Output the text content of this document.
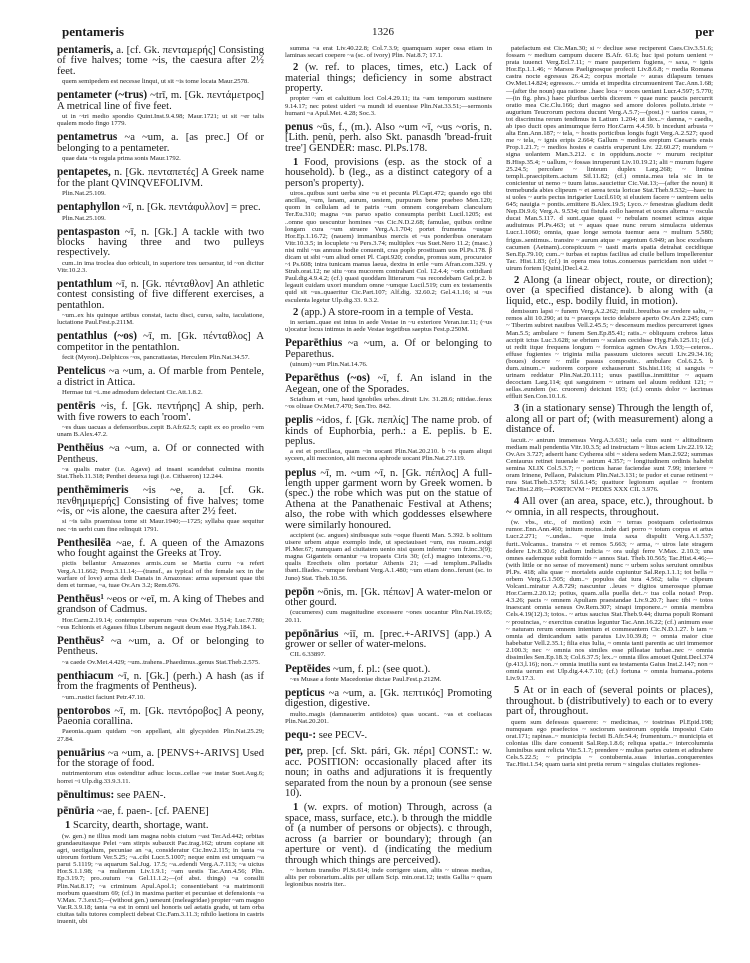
pentameris	1326	per
pentameris, a. [cf. Gk. πενταμερής] Consisting of five halves; tome ~is, the caesura after 2½ feet.
quem semipedem est necesse linqui, ut sit ~is tome locata Maur.2578.
pentameter (~trus) ~trī, m. [Gk. πεντάμετρος] A metrical line of five feet.
ut in ~tri medio spondio Quint.Inst.9.4.98; Maur.1721; ut sit ~er talis qualem modo fingo 1779.
pentametrus ~a ~um, a. [as prec.] Of or belonging to a pentameter.
quae data ~is regula prima sonis Maur.1792.
pentapetes, n. [Gk. πενταπετές] A Greek name for the plant QVINQVEFOLIVM.
Plin.Nat.25.109.
pentaphyllon ~ī, n. [Gk. πεντάφυλλον] = prec.
Plin.Nat.25.109.
pentaspaston ~ī, n. [Gk.] A tackle with two blocks having three and two pulleys respectively.
cum..in ima troclea duo orbiculi, in superiore tres uersantur, id ~on dicitur Vitr.10.2.3.
pentathlum ~ī, n. [Gk. πένταθλον] An athletic contest consisting of five different exercises, a pentathlon.
~um..ex his quinque artibus constat, iactu disci, cursu, saltu, iaculatione, luctatione Paul.Fest.p.211M.
pentathlus (~os) ~ī, m. [Gk. πένταθλος] A competitor in the pentathlon.
fecit (Myron)..Delphicos ~os, pancratiastas, Herculem Plin.Nat.34.57.
Pentelicus ~a ~um, a. Of marble from Pentele, a district in Attica.
Hermae tui ~i..me admodum delectant Cic.Att.1.8.2.
pentēris ~is, f. [Gk. πεντήρης] A ship, perh. with five rowers to each 'room'.
~es duas uacuas a defensoribus..cepit B.Afr.62.5; capit ex eo proelio ~em unam B.Alex.47.2.
Penthēius ~a ~um, a. Of or connected with Pentheus.
~a qualis mater (i.e. Agave) ad insani scandebat culmina montis Stat.Theb.11.318; Penthei deuexa iugi (i.e. Cithaeron) 12.244.
penthēmimeris ~is ~e, a. [cf. Gk. πενθημιμερής] Consisting of five halves; tome ~is, or ~is alone, the caesura after 2½ feet.
si ~is talis praemissa tome sit Maur.1940;—1725; syllaba quae sequitur nec ~in uerbi cum fine relinquit 1791.
Penthesilēa ~ae, f. A queen of the Amazons who fought against the Greeks at Troy.
pictis bellantur Amazones armis..cum se Martia curru ~a refert Verg.A.11.662; Prop.3.11.14;—(transf., as typical of the female sex in the warfare of love) arma dedi Danais in Amazonas: arma supersunt quae tibi dem et turmae, ~a, tuae Ov.Ars 3.2; Rem.676.
Penthēus¹ ~eos or ~eī, m. A king of Thebes and grandson of Cadmus.
Hor.Carm.2.19.14; contemptor superum ~eus Ov.Met. 3.514; Luc.7.780; ~eus Echionis et Agaues filius Liberum negauit deum esse Hyg.Fab.184.1.
Penthēus² ~a ~um, a. Of or belonging to Pentheus.
~a caede Ov.Met.4.429; ~um..trahens..Phaedimus..genus Stat.Theb.2.575.
penthiacum ~ī, n. [Gk.] (perh.) A hash (as if from the fragments of Pentheus).
~um..rustici faciunt Petr.47.10.
pentorobos ~ī, m. [Gk. πεντόροβος] A peony, Paeonia corallina.
Paeonia..quam quidam ~on appellant, alii glycysiden Plin.Nat.25.29; 27.84.
penuārius ~a ~um, a. [PENVS+-ARIVS] Used for the storage of food.
nutrimentorum eius ostenditur adhuc locus..cellae ~ae instar Suet.Aug.6; horrei ~i Ulp.dig.33.9.3.11.
pēnultimus: see PAEN-.
pēnūria ~ae, f. paen-. [cf. PAENE]
1 Scarcity, dearth, shortage, want.
(w. gen.) ne illius modi iam magna nobis ciuium ~ast Ter.Ad.442; orbitas grandaeuitasque Pelei ~am stirpis subauxit Pac.trag.162; utrum copiane sit agri, uectigalium, pecuniae an ~a, consideratur Cic.Inv.2.115; in tanta ~a uirorum fortium Ver.5.25; ~a..cibi Lucr.5.1007; neque enim est umquam ~a parui 5.1119; ~a aquarum Sal.Jug. 17.5; ~a..edendi Verg.A.7.113; ~a uictus Hor.S.1.1.98; ~a mulierum Liv.1.9.1; ~am uestis Tac.Ann.4.56; Plin. Ep.3.19.7; pro..ouium ~a Gel.11.1.2;—(of abst. things) ~a consilii Plin.Nat.8.17; ~a criminum Apul.Apol.1; consentiebant ~a matrimonii morbum quaesitum 69; (cf.) in maxima pariter et pecuniae et defensionis ~a V.Max. 7.3.ext.5;—(without gen.) ueneunt (meleagridae) propter ~am magno Var.R.3.9.18; tanta ~a est in omni uel honoris uel aetatis gradu, ut tam orba ciuitas talis tutores complecti debeat Cic.Fam.3.11.3; nihilo laetiora in castris inuenit, ubi
summa ~a erat Liv.40.22.8; Col.7.3.9; quamquam super ossa etiam in laminas secari coepere ~a (sc. of ivory) Plin. Nat.8.7; 17.1.
2 (w. ref. to places, times, etc.) Lack of material things; deficiency in some abstract property.
propter ~am et caluitium loci Col.4.29.11; ita ~am temporum sustinere 9.14.17; nec potest uideri ~a mundi id euenisse Plin.Nat.33.51;—sermonis humani ~a Apul.Met. 4.28; Soc.3.
penus ~ūs, f., (m.). Also ~um ~ī, ~us ~oris, n. [Lith. penù, perh. also Skt. panasdh 'bread-fruit tree'] GENDER: masc. Pl.Ps.178.
1 Food, provisions (esp. as the stock of a household). b (leg., as a distinct category of a person's property).
uiros..quibus sunt uerba sine ~u et pecunia Pl.Capt.472; quando ego tibi ancillas, ~um, lanam, aurum, uestem, purpuram bene praebeo Men.120; quom in cellulam ad te patris ~um omnem congerebam clanculum Ter.Eu.310; magna ~us paruo spatio consumpta peribit Lucil.1205; est ..omne quo uescuntur homines ~us Cic.N.D.2.68; famulae, quibus ordine longam cura ~um struere Verg.A.1.704; portet frumenta ~usque Hor.Ep.1.16.72; (nauem) immanibus mercis et ~us ponderibus oneratam Vitr.10.3.5; in locuplete ~u Pers.3.74; multiplex ~us Suet.Nero 11.2; (masc.) nisi mihi ~us annuus hodie conuenit, cras poplo prostituam uos Pl.Ps.178. β dicam ut sibi ~um aliud ornet Pl. Capt.920; condus, promus sum, procurator ~i Ps.608; intra tunicam manus laeua, dextra in erile ~um Afran.com.329. γ Strab.orat.12; ne situ ~ora mucorem contrahant Col. 12.4.4; ~oris cottidiani Paul.dig.4.9.4.2; (cf.) quasi quoddam litterarum ~us recondebam Gel.pr.2. b legauit cuidam uxori mundum omne ~umque Lucil.519; cum ex testamentis quid sit ~us..quaeritur Cic.Part.107; Alf.dig. 32.60.2; Gel.4.1.16; si ~us esculenta legetur Ulp.dig.33. 9.3.2.
2 (app.) A store-room in a temple of Vesta.
in seriam..quae est intus in aede Vestae in ~u exteriore Veran.iur.11; (~us u)ocatur locus intimus in aede Vestae tegetibus saeptus Fest.p.250M.
Peparēthius ~a ~um, a. Of or belonging to Peparethus.
(uinum) ~um Plin.Nat.14.76.
Peparēthus (~os) ~ī, f. An island in the Aegean, one of the Sporades.
Sciathum et ~um, haud ignobiles urbes..diruit Liv. 31.28.6; nitidae..ferax ~os oliuae Ov.Met.7.470; Sen.Tro. 842.
peplis ~idos, f. [Gk. πεπλίς] The name prob. of kinds of Euphorbia, perh.: a E. peplis. b E. peplus.
a est et porcillaca, quam ~in uocant Plin.Nat.20.210. b ~is quam aliqui syceen, alii meconion, alii mecona aphrode uocant Plin.Nat.27.119.
peplus ~ī, m. ~um ~ī, n. [Gk. πέπλος] A full-length upper garment worn by Greek women. b (spec.) the robe which was put on the statue of Athena at the Panathenaic Festival at Athens; also, the robe with which goddesses elsewhere were similarly honoured.
accipient (sc. angues) sinibusque suis ~oque fluenti Man. 5.392. b solitum uisere urbem atque exemplo inde, ut spectauisset ~um, rus rusum..exigi Pl.Mer.67; numquam ad ciuitatem uenio nisi quom infertur ~um fr.inc.3(9); magna Giganteis ornantur ~a tropaeis Ciris 30; (cf.) magno intexens..~o, qualis Erectheis olim portatur Athenis 21; —ad templum..Palladis ibant..Iliades..~umque ferebant Verg.A.1.480; ~um etiam dono..ferunt (sc. to Juno) Stat. Theb.10.56.
pepōn ~ōnis, m. [Gk. πέπων] A water-melon or other gourd.
(cucumeres) cum magnitudine excessere ~ones uocantur Plin.Nat.19.65; 20.11.
pepōnārius ~iī, m. [prec.+-ARIVS] (app.) A grower or seller of water-melons.
CIL 6.33897.
Peptēides ~um, f. pl.: (see quot.).
~es Musae a fonte Macedoniae dictae Paul.Fest.p.212M.
pepticus ~a ~um, a. [Gk. πεπτικός] Promoting digestion, digestive.
multo..magis (damnauerim antidotos) quas uocant.. ~as et coeliacas Plin.Nat.20.201.
pequ-: see PECV-.
per, prep. [cf. Skt. pári, Gk. πέρι] CONST.: w. acc. POSITION: occasionally placed after its noun; in oaths and adjurations it is frequently separated from the noun by a pronoun (see sense 10).
1 (w. exprs. of motion) Through, across (a space, mass, surface, etc.). b through the middle of (a number of persons or objects). c through, across (a barrier or boundary); through (an aperture or vent). d (indicating the medium through which things are perceived).
~ hortum transibo Pl.St.614; inde corrigere uiam, aliis ~ uineas medias, aliis per roborarium..aliis per uillam Scip. min.orat.12; testis Gallia ~ quam legionibus nostris iter..
patefactum est Cic.Man.30; si ~ decliue sese reciperent Caes.Civ.3.51.6; fossam ~ medium campum ducere B.Afr. 61.6; huc ipsi potum uenient ~ prata iuuenci Verg.Ecl.7.11; ~ mare pauperiem fugiens, ~ saxa, ~ ignis Hor.Ep.1.1.46; ~ Marsos Paelignosque profecti Liv.8.6.8; ~ media Romana castra nocte egressus 26.4.2; corpus mortale ~ auras dilapsum tenues Ov.Met.14.824; egressos..~ umida et impedita circumuenirent Tac.Ann.1.68;—(after the noun) qua ratione ..haec loca ~ uoces ueniant Lucr.4.597; 5.770;—(in fig. phrs.) haec pluribus uerbis dicerem ~ quae nunc paucis percurrit oratio mea Cic.Clu.166; duri magno sed amore dolores polluto..triste ~ augurium Teucrorum pectora ducunt Verg.A.5.7;—(post.) ~ uarios casus, ~ tot discrimina rerum tendimus in Latium 1.204; ut ilex..~ damna, ~ caedis, ab ipso ducit opes animumque ferro Hor.Carm 4.4.59. b incedunt arbusta ~ alta Enn.Ann.187; ~ tela, ~ hostis porticibus longis fugit Verg.A.2.527; quod me ~ tela, ~ ignis eripis 2.664; Gallum ~ medios ereptum Caesaris ensis Prop.1.21.7; ~ medios hostes e castris eruperunt Liv. 22.60.27; mundum ~ signa uolantem Man.3.212. c in oppidum..nocte ~ murum recipitur B.Hisp.35.4; ~ uallum, ~ fossas inruperunt Liv.10.19.21; alii ~ murum fugere 25.24.5; percolare ~ linteum duplex Larg.268; ~ limina templi..praecipitem..actum Sil.11.82; (cf.) omnia..mea tela sic in te conicientur ut nemo ~ tuum latus..sauciettur Cic.Vat.13;—(after the noun) it tremebunda abies clipeum ~ et aerea texta loricae Stat.Theb.9.532;—haec tu si uoles ~ auris pectus inrigarier Lucil.610; si eluuiem facere ~ uentrem uelis 645; nauigia ~ pontis..emittere B.Alex.19.5; Lyco..~ fenestras gladium dedit Nep.Di.9.6; Verg.A. 9.534; cui fistula collo haereat et uoces alterna ~ oscula ducat Man.5.117. d sunt..quae quasi ~ nebulam nosmet scimus atque audiuimus Pl.Ps.463; ut ~ aquas quae nunc rerum simulacra uidemus Lucr.1.1060; omnia, quae longe semota tuemur aera ~ multum 5.580; frigus..sentimus.. transire ~ aurum atque ~ argentum 6.949; an hoc excelsum cacumen (Aetnam)..conspicuum ~ uasti maris spatia detrahat ceciditque Sen.Ep.79.10; cum..~ turbas et raptus facilius ad ciuile bellum impellerentur Tac. Hist.1.83; (cf.) in opera mea totus..conuersus parricidam non uidet ~ uirum fortem [Quint.]Decl.4.2.
2 Along (a linear object, route, or direction); over (a specified distance). b along with (a liquid, etc., esp. bodily fluid, in motion).
demissum lapsi ~ funem Verg.A.2.262; multi..breuibus se credere saltu, ~ remos alii 10.290; at tu ~ praeceps tecto delabere aperto Ov.Ars 2.245; cum ~ Tiberim subiret nauibus Vell.2.45.5; ~ descensum medios percurreret ignes Man.5.5; ambulare ~ funem Sen.Ep.85.41; ratis..~ obliquum crebros latus accipit ictus Luc.3.628; se ebrium ~ scalam cecidisse Hyg.Fab.125.11; (cf.) ut redit itque frequens longum ~ formica agmen Ov.Ars 1.93;—ceteros.. effuse fugientes ~ triginta milia passuum uictores secuti Liv.29.34.16; (boues) docere ~ mille passus composite.. ambulare Col.6.2.5. b dum..uinum..~ sudorem corpore exhauserunt Sis.hist.116; si sanguis ~ urinam reddatur Plin.Nat.20.111; unus pastillus..inmittitur ~ aquam decoctam Larg.114; qui sanguinem ~ urinam uel aluum reddunt 121; ~ sellas..eundem (sc. cruorem) deiciunt 193; (cf.) omnis dolor ~ lacrimas effluit Sen.Con.10.1.6.
3 (in a stationary sense) Through the length of, along all or part of; (with measurement) along a distance of.
iacuit..~ antrum immensus Verg.A.3.631; uela cum sunt ~ altitudinem mediam mali pendentia Vitr.10.3.5; ad instructam ~ litus aciem Liv.22.19.12; Ov.Ars 3.727; adserit hanc Cytherea sibi ~ sidera sedem Man.2.922; summas Centaurus retinet iuuenale ~ astrum 4.357; ~ longitudinem ordinis habebit semina XLIX Col.5.3.7; ~ porticus harae faciendae sunt 7.99; interiere ~ oram Irinene, Pellaon, Palsicium Plin.Nat.3.131; te pudor et curae retinent ~ rura Stat.Theb.3.573; Sil.6.145; quattuor legionum aquilae ~ frontem Tac.Hist.2.89;—PORTICVM ~ PEDES XXX CIL 3.976.
4 All over (an area, space, etc.), throughout. b ~ omnia, in all respects, throughout.
(w. vbs., etc., of motion) exin ~ terras postquam celerissimus rumor..Enn.Ann.460; initum motus..inde dari porro ~ totum corpus et artus Lucr.2.271; ~..undas.. ~que inuia saxa dispulit Verg.A.1.537; furit..Volcanus.. transtra ~ et remos 5.663; ~ arma, ~ uiros late stragem dedere Liv.8.30.6; cladium indicia ~ ora uulgi ferre V.Max. 2.10.3; una omnes eademque subit formido ~ annos Stat. Theb.10.565; Tac.Hist.4.46;—(with little or no sense of movement) nunc ~ urbem solus seruiunt omnibus Pl.Ps. 418; alia quae ~ mortaleis auide cupiuntur Sal.Rep.1.1.1; tot bella ~ orbem Verg.G.1.505; dum..~ populos dat iura 4.562; talia ~ clipeum Volcani..miratur A.8.729; nascuntur ..leues ~ digitos umerosque plumae Hor.Carm.2.20.12; potius, quam..ulla puella det..~ tua colla notas! Prop. 4.3.26; pacis ~ omnem Apuliam praestandae Liv.9.20.7; haec tibi ~ totos inaescant omnia sensus Ov.Rem.307; sinapi imponere..~ omnia membra Cels.4.19(12).3; totos.. ~ artus saucius Stat.Theb.9.44; diurna populi Romani ~ prouincias, ~ exercitus curatius leguntur Tac.Ann.16.22; (cf.) animum esse ~ naturam rerum omnem intentum et commeantem Cic.N.D.1.27. b iam ~ omnia ad dimicandum satis paratus Liv.10.39.8; ~ omnia maior ciue habebatur Vell.2.35.1; filia eius Iulia, ~ omnia tanti parentis ac uiri immemor 2.100.3; nec ~ omnia nos similes esse pilleatae turbae..nec ~ omnia dissimiles Sen.Ep.18.3; Col.6.37.5; lex..~ omnia illos amouet Quint.Decl.374 (p.413,l.16); non..~ omnia inutilia sunt ea testamenta Gaius Inst.2.147; non ~ omnia uerum est Ulp.dig.4.4.7.10; (cf.) fortuna ~ omnia humana..potens Liv.9.17.3.
5 At or in each of (several points or places), throughout. b (distributively) to each or to every part of, throughout.
quem sum defessus quaerere: ~ medicinas, ~ tostrinas Pl.Epid.198; numquam ego praefectos ~ sociorum uestrorum oppida imposiui Cato orat.171; rapinas..~ municipia fecisti B.Afr.54.4; frumentum..~ municipia et colonias illis dare conuenit Sal.Rep.1.8.6; reliqua spatia..~ intercolumnia luminibus sunt relicta Vitr.5.1.7; prendere ~ multas partes cutem et adtrahere Cels.5.22.5; ~ principia ~ contubernia..suas iniurias..conquerentes Tac.Hist.1.54; quam uaria sint pretia rerum ~ singulas ciuitates regiones-
